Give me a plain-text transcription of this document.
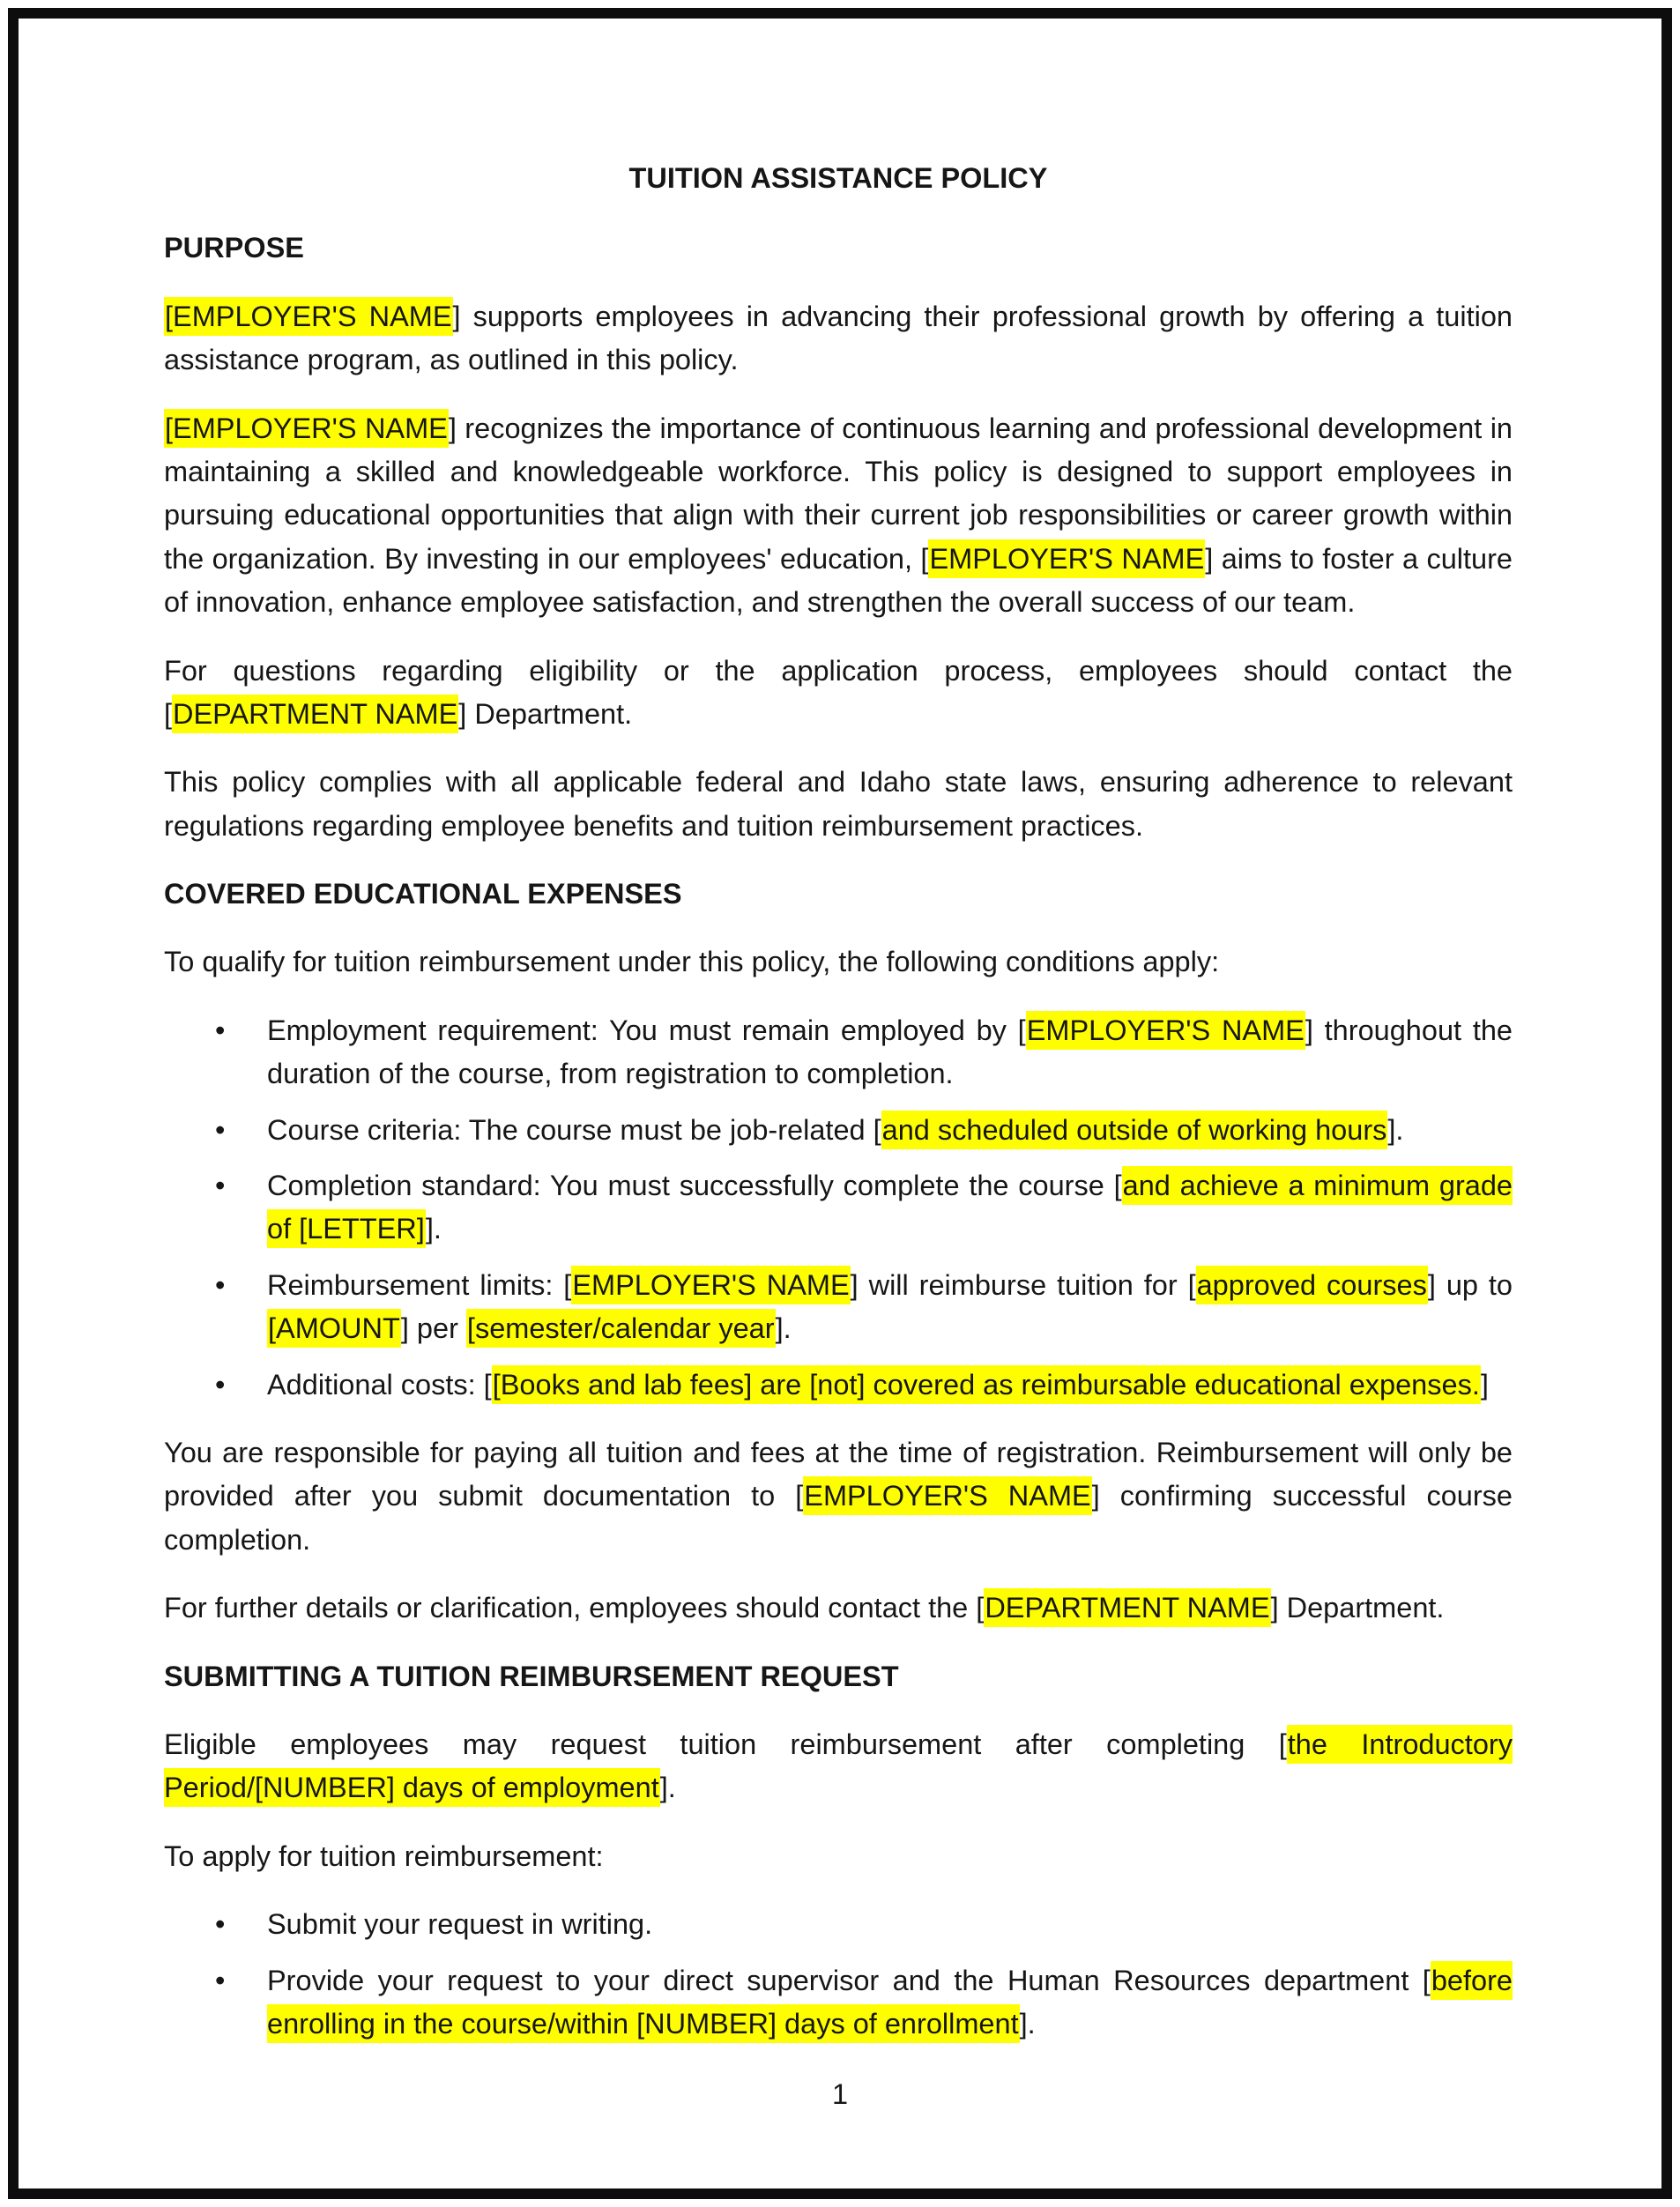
TUITION ASSISTANCE POLICY
PURPOSE
[EMPLOYER'S NAME] supports employees in advancing their professional growth by offering a tuition assistance program, as outlined in this policy.
[EMPLOYER'S NAME] recognizes the importance of continuous learning and professional development in maintaining a skilled and knowledgeable workforce. This policy is designed to support employees in pursuing educational opportunities that align with their current job responsibilities or career growth within the organization. By investing in our employees' education, [EMPLOYER'S NAME] aims to foster a culture of innovation, enhance employee satisfaction, and strengthen the overall success of our team.
For questions regarding eligibility or the application process, employees should contact the [DEPARTMENT NAME] Department.
This policy complies with all applicable federal and Idaho state laws, ensuring adherence to relevant regulations regarding employee benefits and tuition reimbursement practices.
COVERED EDUCATIONAL EXPENSES
To qualify for tuition reimbursement under this policy, the following conditions apply:
•	Employment requirement: You must remain employed by [EMPLOYER'S NAME] throughout the duration of the course, from registration to completion.
•	Course criteria: The course must be job-related [and scheduled outside of working hours].
•	Completion standard: You must successfully complete the course [and achieve a minimum grade of [LETTER]].
•	Reimbursement limits: [EMPLOYER'S NAME] will reimburse tuition for [approved courses] up to [AMOUNT] per [semester/calendar year].
•	Additional costs: [[Books and lab fees] are [not] covered as reimbursable educational expenses.]
You are responsible for paying all tuition and fees at the time of registration. Reimbursement will only be provided after you submit documentation to [EMPLOYER'S NAME] confirming successful course completion.
For further details or clarification, employees should contact the [DEPARTMENT NAME] Department.
SUBMITTING A TUITION REIMBURSEMENT REQUEST
Eligible employees may request tuition reimbursement after completing [the Introductory Period/[NUMBER] days of employment].
To apply for tuition reimbursement:
•	Submit your request in writing.
•	Provide your request to your direct supervisor and the Human Resources department [before enrolling in the course/within [NUMBER] days of enrollment].
1
